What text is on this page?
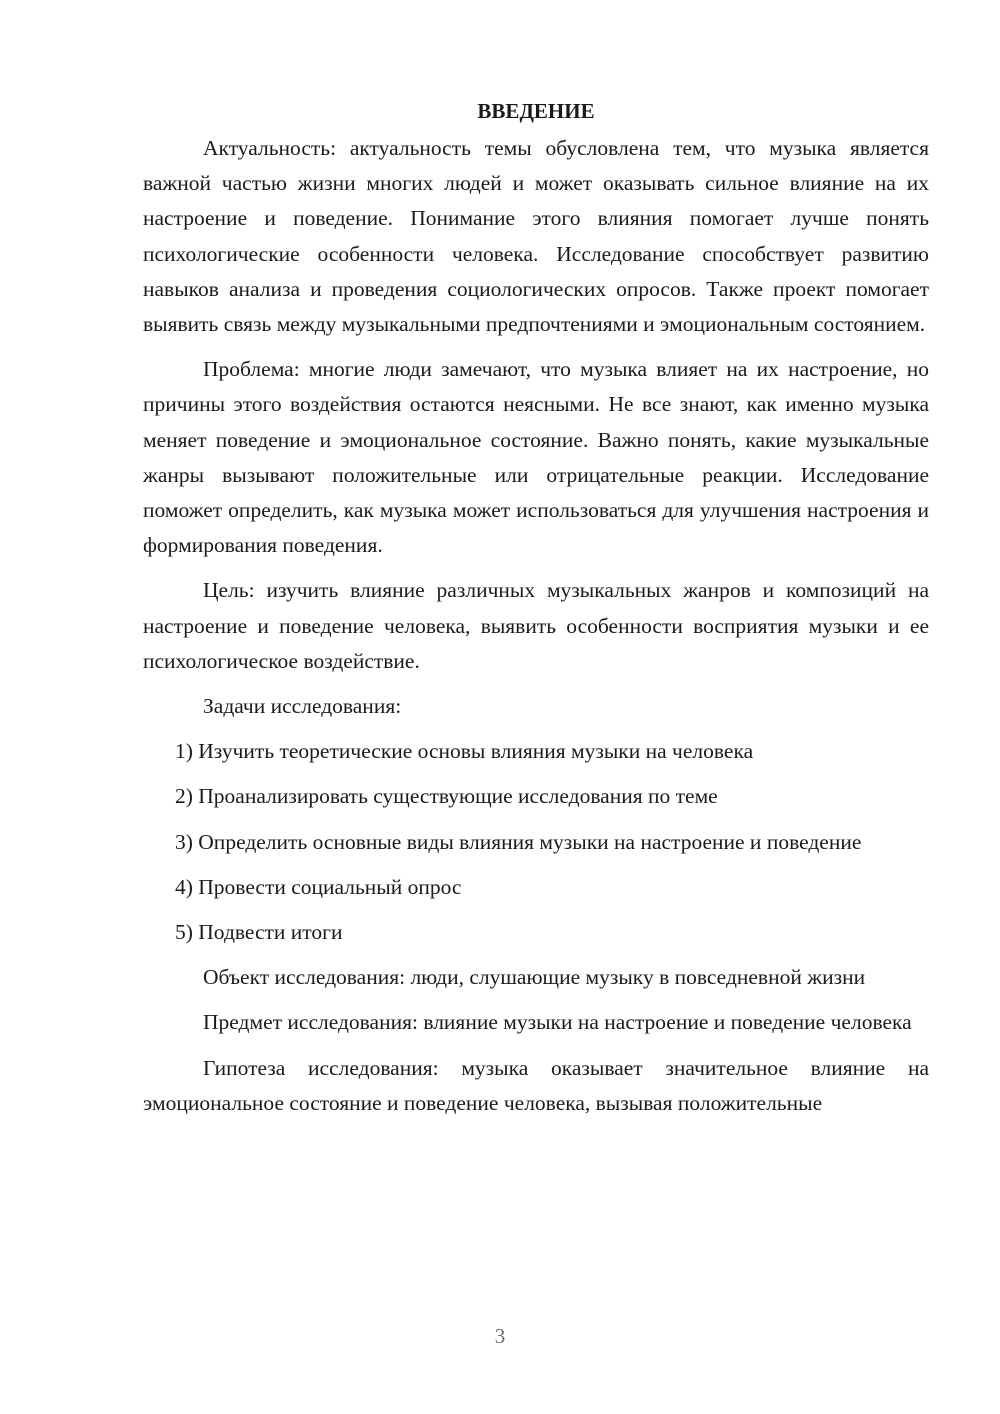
ВВЕДЕНИЕ

Актуальность: актуальность темы обусловлена тем, что музыка является важной частью жизни многих людей и может оказывать сильное влияние на их настроение и поведение. Понимание этого влияния помогает лучше понять психологические особенности человека. Исследование способствует развитию навыков анализа и проведения социологических опросов. Также проект помогает выявить связь между музыкальными предпочтениями и эмоциональным состоянием.

Проблема: многие люди замечают, что музыка влияет на их настроение, но причины этого воздействия остаются неясными. Не все знают, как именно музыка меняет поведение и эмоциональное состояние. Важно понять, какие музыкальные жанры вызывают положительные или отрицательные реакции. Исследование поможет определить, как музыка может использоваться для улучшения настроения и формирования поведения.

Цель: изучить влияние различных музыкальных жанров и композиций на настроение и поведение человека, выявить особенности восприятия музыки и ее психологическое воздействие.

Задачи исследования:

1) Изучить теоретические основы влияния музыки на человека

2) Проанализировать существующие исследования по теме

3) Определить основные виды влияния музыки на настроение и поведение

4) Провести социальный опрос

5) Подвести итоги

Объект исследования: люди, слушающие музыку в повседневной жизни

Предмет исследования: влияние музыки на настроение и поведение человека

Гипотеза исследования: музыка оказывает значительное влияние на эмоциональное состояние и поведение человека, вызывая положительные

3
